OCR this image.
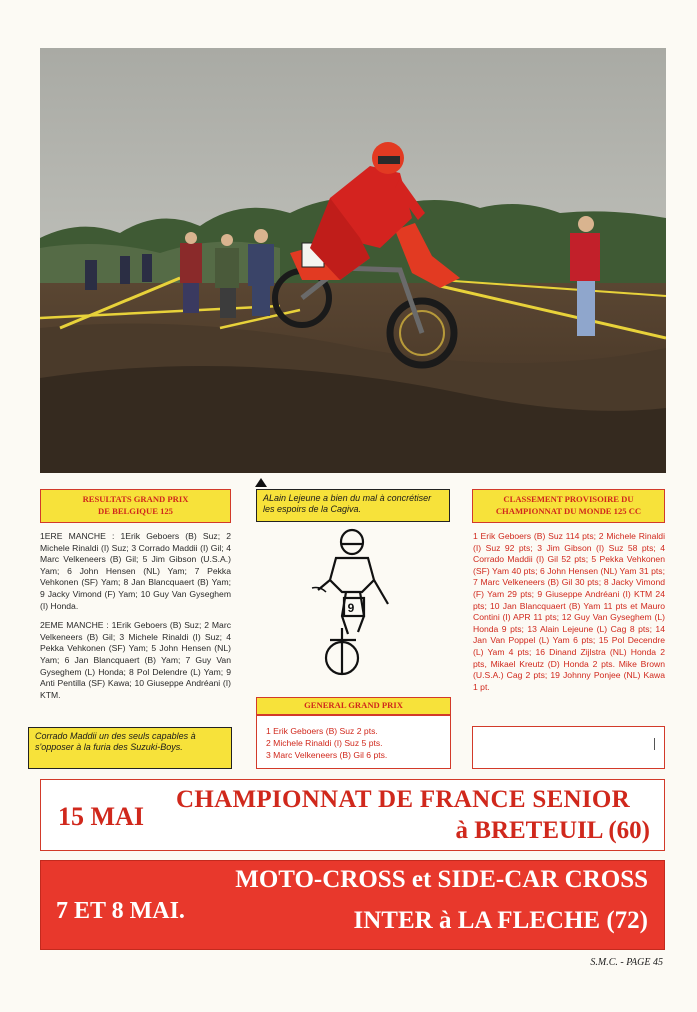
RESULTATS GRAND PRIX
DE BELGIQUE 125
ALain Lejeune a bien du mal à concrétiser les espoirs de la Cagiva.
CLASSEMENT PROVISOIRE DU
CHAMPIONNAT DU MONDE 125 CC

1ERE MANCHE : 1Erik Geboers (B) Suz; 2 Michele Rinaldi (I) Suz; 3 Corrado Maddii (I) Gil; 4 Marc Velkeneers (B) Gil; 5 Jim Gibson (U.S.A.) Yam; 6 John Hensen (NL) Yam; 7 Pekka Vehkonen (SF) Yam; 8 Jan Blancquaert (B) Yam; 9 Jacky Vimond (F) Yam; 10 Guy Van Gyseghem (I) Honda.

2EME MANCHE : 1Erik Geboers (B) Suz; 2 Marc Velkeneers (B) Gil; 3 Michele Rinaldi (I) Suz; 4 Pekka Vehkonen (SF) Yam; 5 John Hensen (NL) Yam; 6 Jan Blancquaert (B) Yam; 7 Guy Van Gyseghem (L) Honda; 8 Pol Delendre (L) Yam; 9 Anti Pentilla (SF) Kawa; 10 Giuseppe Andréani (I) KTM.

Corrado Maddii un des seuls capables à s'opposer à la furia des Suzuki-Boys.
9
1 Erik Geboers (B) Suz 114 pts; 2 Michele Rinaldi (I) Suz 92 pts; 3 Jim Gibson (I) Suz 58 pts; 4 Corrado Maddii (I) Gil 52 pts; 5 Pekka Vehkonen (SF) Yam 40 pts; 6 John Hensen (NL) Yam 31 pts; 7 Marc Velkeneers (B) Gil 30 pts; 8 Jacky Vimond (F) Yam 29 pts; 9 Giuseppe Andréani (I) KTM 24 pts; 10 Jan Blancquaert (B) Yam 11 pts et Mauro Contini (I) APR 11 pts; 12 Guy Van Gyseghem (L) Honda 9 pts; 13 Alain Lejeune (L) Cag 8 pts; 14 Jan Van Poppel (L) Yam 6 pts; 15 Pol Decendre (L) Yam 4 pts; 16 Dinand Zijlstra (NL) Honda 2 pts, Mikael Kreutz (D) Honda 2 pts. Mike Brown (U.S.A.) Cag 2 pts; 19 Johnny Ponjee (NL) Kawa 1 pt.
GENERAL GRAND PRIX
1 Erik Geboers (B) Suz 2 pts.
2 Michele Rinaldi (I) Suz 5 pts.
3 Marc Velkeneers (B) Gil 6 pts.
15 MAI
CHAMPIONNAT DE FRANCE SENIOR
à BRETEUIL (60)
7 ET 8 MAI.
MOTO-CROSS et SIDE-CAR CROSS
INTER à LA FLECHE (72)
S.M.C. - PAGE 45
